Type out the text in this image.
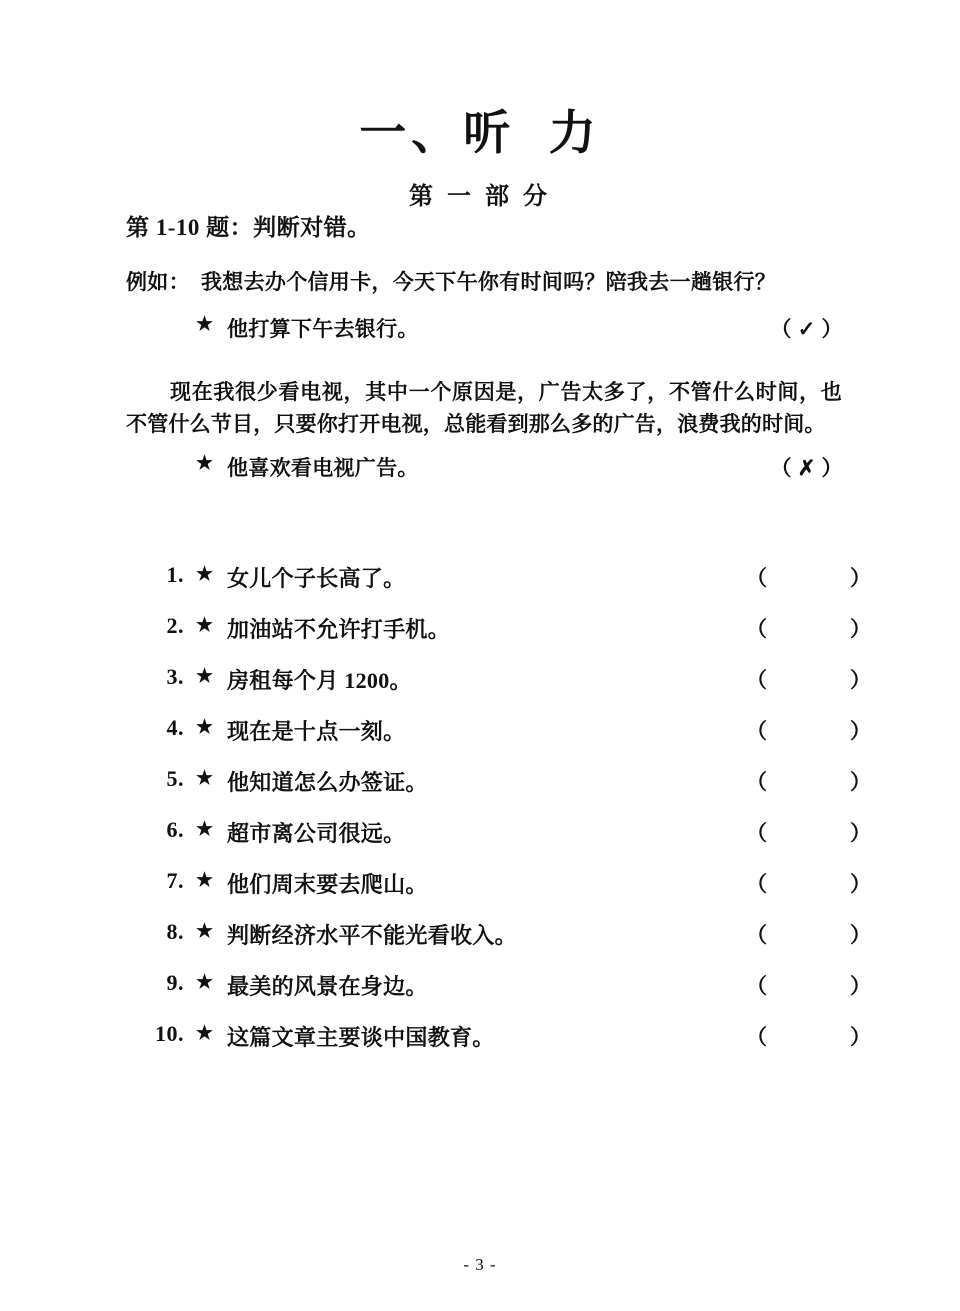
一、听  力
第 一 部 分
第 1-10 题：判断对错。
例如：  我想去办个信用卡，今天下午你有时间吗？陪我去一趟银行？
★ 他打算下午去银行。	（ ✓ ）
现在我很少看电视，其中一个原因是，广告太多了，不管什么时间，也不管什么节目，只要你打开电视，总能看到那么多的广告，浪费我的时间。
★ 他喜欢看电视广告。	（ ✗ ）
1. ★ 女儿个子长高了。	（	）
2. ★ 加油站不允许打手机。	（	）
3. ★ 房租每个月 1200。	（	）
4. ★ 现在是十点一刻。	（	）
5. ★ 他知道怎么办签证。	（	）
6. ★ 超市离公司很远。	（	）
7. ★ 他们周末要去爬山。	（	）
8. ★ 判断经济水平不能光看收入。	（	）
9. ★ 最美的风景在身边。	（	）
10. ★ 这篇文章主要谈中国教育。	（	）
- 3 -
